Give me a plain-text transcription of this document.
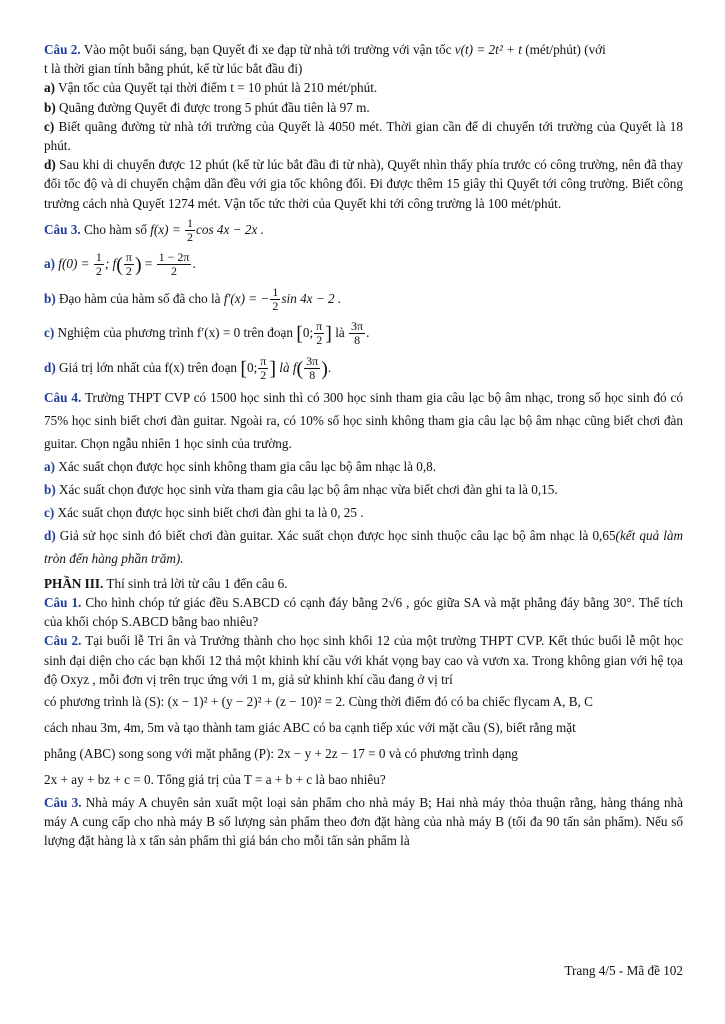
Câu 2. Vào một buổi sáng, bạn Quyết đi xe đạp từ nhà tới trường với vận tốc v(t) = 2t² + t (mét/phút) (với

t là thời gian tính bằng phút, kể từ lúc bắt đầu đi)

a) Vận tốc của Quyết tại thời điểm t = 10 phút là 210 mét/phút.

b) Quãng đường Quyết đi được trong 5 phút đầu tiên là 97 m.

c) Biết quãng đường từ nhà tới trường của Quyết là 4050 mét. Thời gian cần để di chuyển tới trường của Quyết là 18 phút.

d) Sau khi di chuyển được 12 phút (kể từ lúc bắt đầu đi từ nhà), Quyết nhìn thấy phía trước có công trường, nên đã thay đổi tốc độ và di chuyển chậm dần đều với gia tốc không đổi. Đi được thêm 15 giây thì Quyết tới công trường. Biết công trường cách nhà Quyết 1274 mét. Vận tốc tức thời của Quyết khi tới công trường là 100 mét/phút.

Câu 3. Cho hàm số $f(x) = \frac{1}{2}$ cos 4x − 2x .

a) $f(0) = \frac{1}{2}$ ; $f( \frac{\pi}{2}$ ) = $\frac{1 - 2\pi}{2}$ .

b) Đạo hàm của hàm số đã cho là f′(x) = − $\frac{1}{2}$ sin 4x − 2 .

c) Nghiệm của phương trình f′(x) = 0 trên đoạn [0; $\frac{\pi}{2}$ ] là $\frac{3\pi}{8}$ .

d) Giá trị lớn nhất của f(x) trên đoạn [0; $\frac{\pi}{2}$ ] là $f( \frac{3\pi}{8}$ ).

Câu 4. Trường THPT CVP có 1500 học sinh thì có 300 học sinh tham gia câu lạc bộ âm nhạc, trong số học sinh đó có 75% học sinh biết chơi đàn guitar. Ngoài ra, có 10% số học sinh không tham gia câu lạc bộ âm nhạc cũng biết chơi đàn guitar. Chọn ngẫu nhiên 1 học sinh của trường.

a) Xác suất chọn được học sinh không tham gia câu lạc bộ âm nhạc là 0,8.

b) Xác suất chọn được học sinh vừa tham gia câu lạc bộ âm nhạc vừa biết chơi đàn ghi ta là 0,15.

c) Xác suất chọn được học sinh biết chơi đàn ghi ta là 0, 25 .

d) Giả sử học sinh đó biết chơi đàn guitar. Xác suất chọn được học sinh thuộc câu lạc bộ âm nhạc là 0,65(kết quả làm tròn đến hàng phần trăm).

PHẦN III. Thí sinh trả lời từ câu 1 đến câu 6.

Câu 1. Cho hình chóp tứ giác đều S.ABCD có cạnh đáy bằng 2√6 , góc giữa SA và mặt phẳng đáy bằng 30°. Thể tích của khối chóp S.ABCD bằng bao nhiêu?

Câu 2. Tại buổi lễ Tri ân và Trưởng thành cho học sinh khối 12 của một trường THPT CVP. Kết thúc buổi lễ một học sinh đại diện cho các bạn khối 12 thả một khinh khí cầu với khát vọng bay cao và vươn xa. Trong không gian với hệ tọa độ Oxyz , mỗi đơn vị trên trục ứng với 1 m, giả sử khinh khí cầu đang ở vị trí

có phương trình là (S): (x − 1)² + (y − 2)² + (z − 10)² = 2. Cùng thời điểm đó có ba chiếc flycam A, B, C

cách nhau 3m, 4m, 5m và tạo thành tam giác ABC có ba cạnh tiếp xúc với mặt cầu (S), biết rằng mặt

phẳng (ABC) song song với mặt phẳng (P): 2x − y + 2z − 17 = 0 và có phương trình dạng

2x + ay + bz + c = 0. Tổng giá trị của T = a + b + c là bao nhiêu?

Câu 3. Nhà máy A chuyên sản xuất một loại sản phẩm cho nhà máy B; Hai nhà máy thỏa thuận rằng, hàng tháng nhà máy A cung cấp cho nhà máy B số lượng sản phẩm theo đơn đặt hàng của nhà máy B (tối đa 90 tấn sản phẩm). Nếu số lượng đặt hàng là x tấn sản phẩm thì giá bán cho mỗi tấn sản phẩm là

Trang 4/5 - Mã đề 102
